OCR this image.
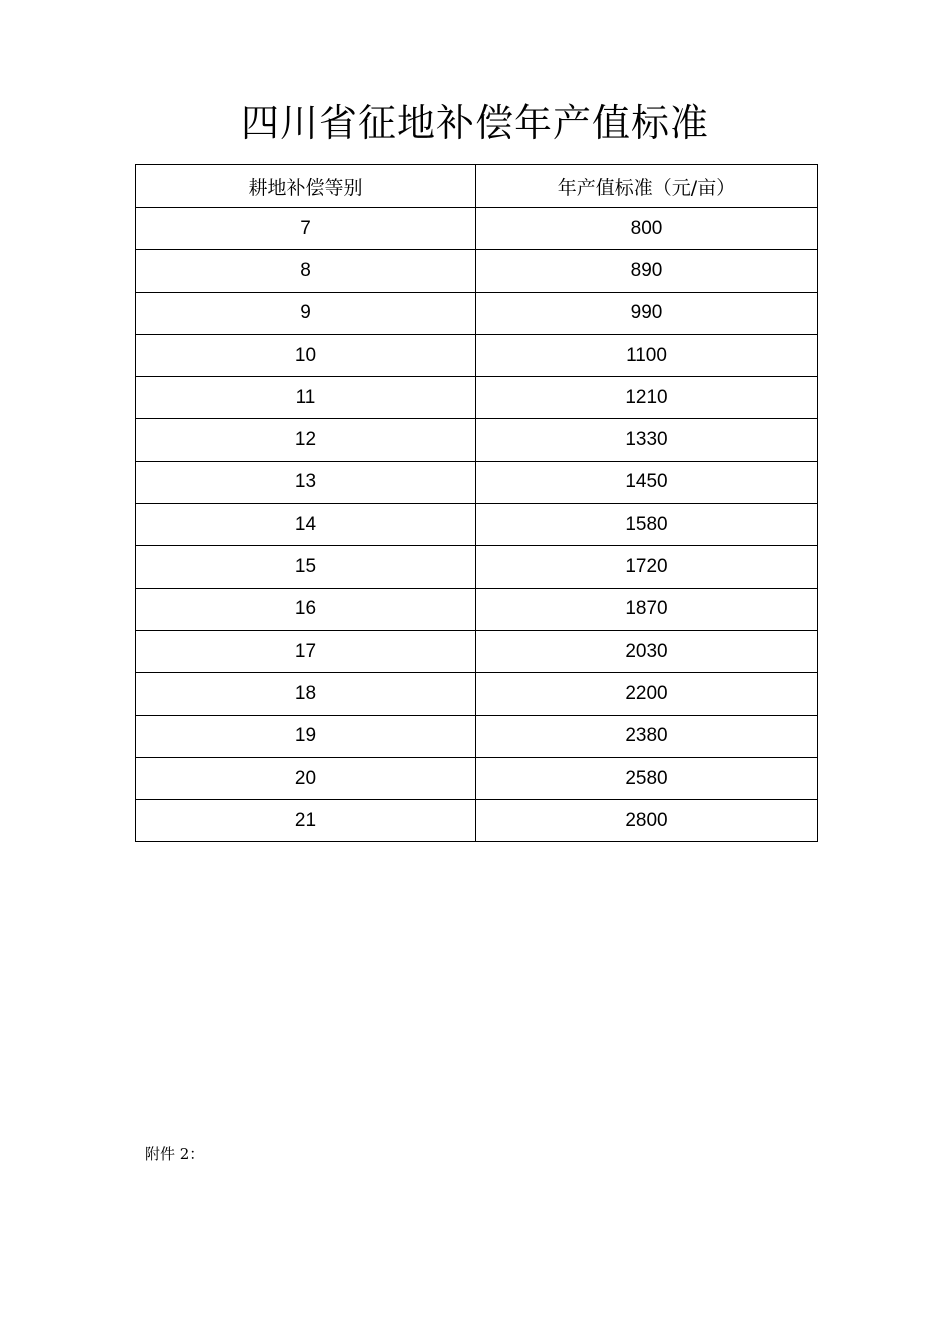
四川省征地补偿年产值标准
耕地补偿等别	年产值标准（元/亩）
7	800
8	890
9	990
10	1100
11	1210
12	1330
13	1450
14	1580
15	1720
16	1870
17	2030
18	2200
19	2380
20	2580
21	2800
附件 2：
